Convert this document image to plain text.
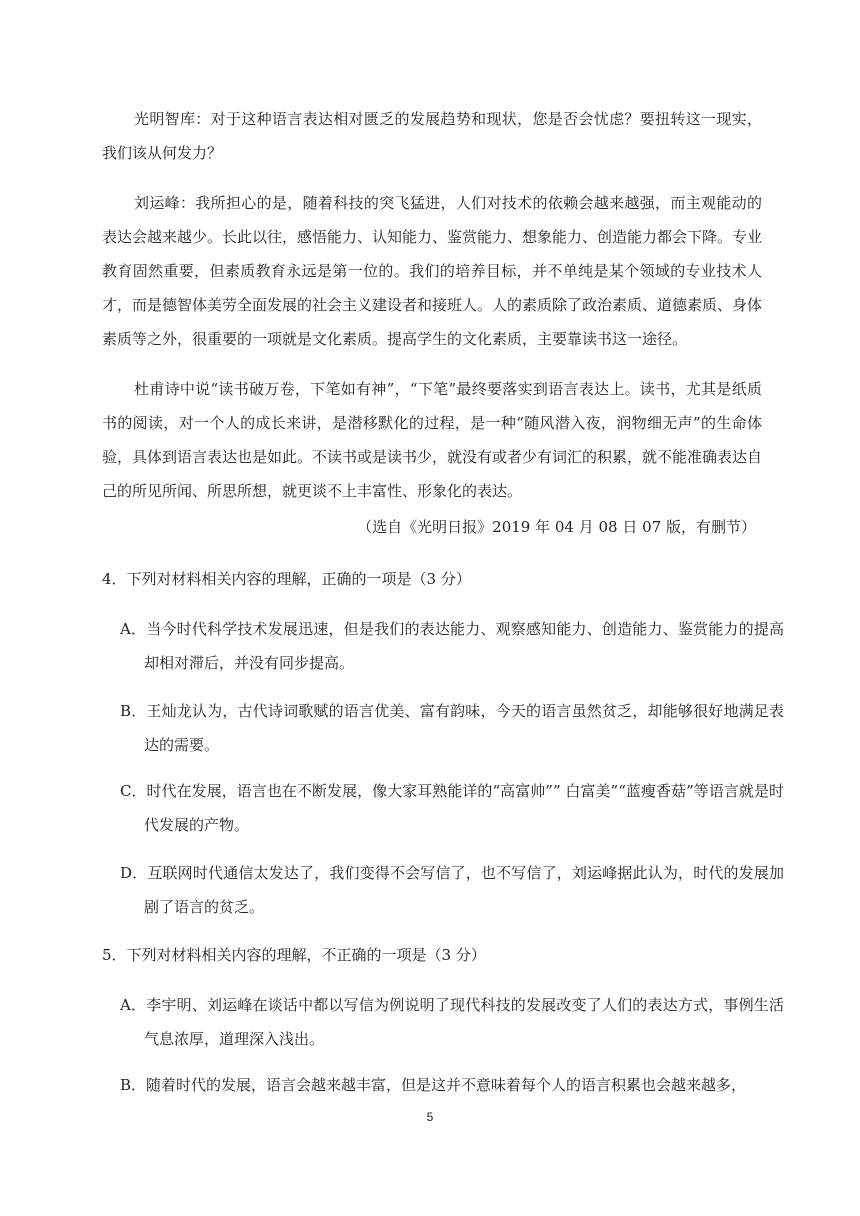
光明智库：对于这种语言表达相对匮乏的发展趋势和现状，您是否会忧虑？要扭转这一现实，我们该从何发力？

刘运峰：我所担心的是，随着科技的突飞猛进，人们对技术的依赖会越来越强，而主观能动的表达会越来越少。长此以往，感悟能力、认知能力、鉴赏能力、想象能力、创造能力都会下降。专业教育固然重要，但素质教育永远是第一位的。我们的培养目标，并不单纯是某个领域的专业技术人才，而是德智体美劳全面发展的社会主义建设者和接班人。人的素质除了政治素质、道德素质、身体素质等之外，很重要的一项就是文化素质。提高学生的文化素质，主要靠读书这一途径。

杜甫诗中说“读书破万卷，下笔如有神”，“下笔”最终要落实到语言表达上。读书，尤其是纸质书的阅读，对一个人的成长来讲，是潜移默化的过程，是一种“随风潜入夜，润物细无声”的生命体验，具体到语言表达也是如此。不读书或是读书少，就没有或者少有词汇的积累，就不能准确表达自己的所见所闻、所思所想，就更谈不上丰富性、形象化的表达。

（选自《光明日报》2019 年 04 月 08 日 07 版，有删节）

4．下列对材料相关内容的理解，正确的一项是（3 分）

A．当今时代科学技术发展迅速，但是我们的表达能力、观察感知能力、创造能力、鉴赏能力的提高却相对滞后，并没有同步提高。

B．王灿龙认为，古代诗词歌赋的语言优美、富有韵味，今天的语言虽然贫乏，却能够很好地满足表达的需要。

C．时代在发展，语言也在不断发展，像大家耳熟能详的“高富帅”” 白富美”“蓝瘦香菇”等语言就是时代发展的产物。

D．互联网时代通信太发达了，我们变得不会写信了，也不写信了，刘运峰据此认为，时代的发展加剧了语言的贫乏。

5．下列对材料相关内容的理解，不正确的一项是（3 分）

A．李宇明、刘运峰在谈话中都以写信为例说明了现代科技的发展改变了人们的表达方式，事例生活气息浓厚，道理深入浅出。

B．随着时代的发展，语言会越来越丰富，但是这并不意味着每个人的语言积累也会越来越多，

5
